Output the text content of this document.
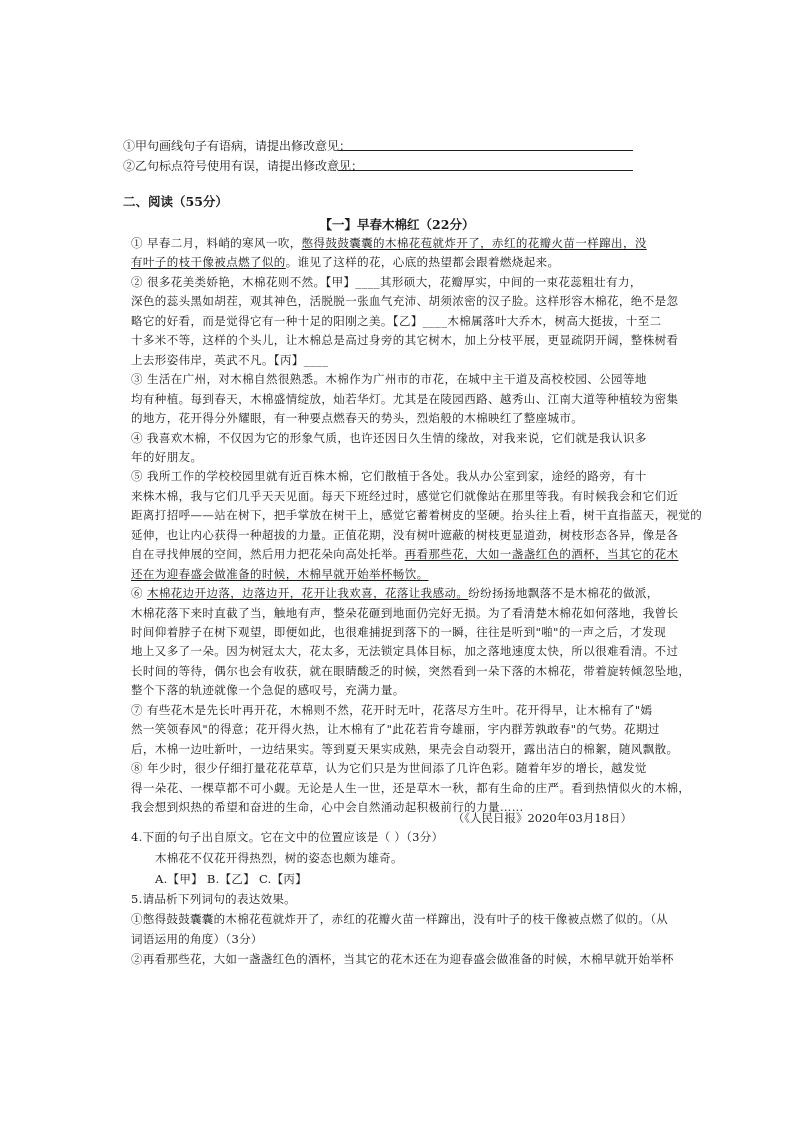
①甲句画线句子有语病，请提出修改意见：
②乙句标点符号使用有误，请提出修改意见：
二、阅读（55分）
【一】早春木棉红（22分）
① 早春二月，料峭的寒风一吹，憋得鼓鼓囊囊的木棉花苞就炸开了，赤红的花瓣火苗一样蹿出，没
有叶子的枝干像被点燃了似的。谁见了这样的花，心底的热望都会跟着燃烧起来。
② 很多花美类娇艳，木棉花则不然。【甲】____其形硕大，花瓣厚实，中间的一束花蕊粗壮有力，
深色的蕊头黑如胡茬，观其神色，活脱脱一张血气充沛、胡须浓密的汉子脸。这样形容木棉花，绝不是忽
略它的好看，而是觉得它有一种十足的阳刚之美。【乙】____木棉属落叶大乔木，树高大挺拔，十至二
十多米不等，这样的个头儿，让木棉总是高过身旁的其它树木，加上分枝平展，更显疏阴开阔，整株树看
上去形姿伟岸，英武不凡。【丙】____
③ 生活在广州，对木棉自然很熟悉。木棉作为广州市的市花，在城中主干道及高校校园、公园等地
均有种植。每到春天，木棉盛情绽放，灿若华灯。尤其是在陵园西路、越秀山、江南大道等种植较为密集
的地方，花开得分外耀眼，有一种要点燃春天的势头，烈焰般的木棉映红了整座城市。
④ 我喜欢木棉，不仅因为它的形象气质，也许还因日久生情的缘故，对我来说，它们就是我认识多
年的好朋友。
⑤ 我所工作的学校校园里就有近百株木棉，它们散植于各处。我从办公室到家，途经的路旁，有十
来株木棉，我与它们几乎天天见面。每天下班经过时，感觉它们就像站在那里等我。有时候我会和它们近
距离打招呼——站在树下，把手掌放在树干上，感觉它蓄着树皮的坚硬。抬头往上看，树干直指蓝天，视觉的
延伸，也让内心获得一种超拔的力量。正值花期，没有树叶遮蔽的树枝更显道劲，树枝形态各异，像是各
自在寻找伸展的空间，然后用力把花朵向高处托举。再看那些花，大如一盏盏红色的酒杯，当其它的花木
还在为迎春盛会做准备的时候，木棉早就开始举杯畅饮。
⑥ 木棉花边开边落，边落边开，花开让我欢喜，花落让我感动。纷纷扬扬地飘落不是木棉花的做派，
木棉花落下来时直截了当，触地有声，整朵花砸到地面仍完好无损。为了看清楚木棉花如何落地，我曾长
时间仰着脖子在树下观望，即便如此，也很难捕捉到落下的一瞬，往往是听到"啪"的一声之后，才发现
地上又多了一朵。因为树冠太大，花太多，无法锁定具体目标，加之落地速度太快，所以很难看清。不过
长时间的等待，偶尔也会有收获，就在眼睛酸乏的时候，突然看到一朵下落的木棉花，带着旋转倾忽坠地，
整个下落的轨迹就像一个急促的感叹号，充满力量。
⑦ 有些花木是先长叶再开花，木棉则不然，花开时无叶，花落尽方生叶。花开得早，让木棉有了"嫣
然一笑领春风"的得意；花开得火热，让木棉有了"此花若肯夸雄丽，宇内群芳孰敢春"的气势。花期过
后，木棉一边吐新叶，一边结果实。等到夏天果实成熟，果壳会自动裂开，露出洁白的棉絮，随风飘散。
⑧ 年少时，很少仔细打量花花草草，认为它们只是为世间添了几许色彩。随着年岁的增长，越发觉
得一朵花、一棵草都不可小觑。无论是人生一世，还是草木一秋，都有生命的庄严。看到热情似火的木棉，
我会想到炽热的希望和奋进的生命，心中会自然涌动起积极前行的力量……
（《人民日报》2020年03月18日）
4.下面的句子出自原文。它在文中的位置应该是（ ）（3分）
木棉花不仅花开得热烈，树的姿态也颇为雄奇。
A.【甲】 B.【乙】 C.【丙】
5.请品析下列词句的表达效果。
①憋得鼓鼓囊囊的木棉花苞就炸开了，赤红的花瓣火苗一样蹿出，没有叶子的枝干像被点燃了似的。（从
词语运用的角度）（3分）
②再看那些花，大如一盏盏红色的酒杯，当其它的花木还在为迎春盛会做准备的时候，木棉早就开始举杯
